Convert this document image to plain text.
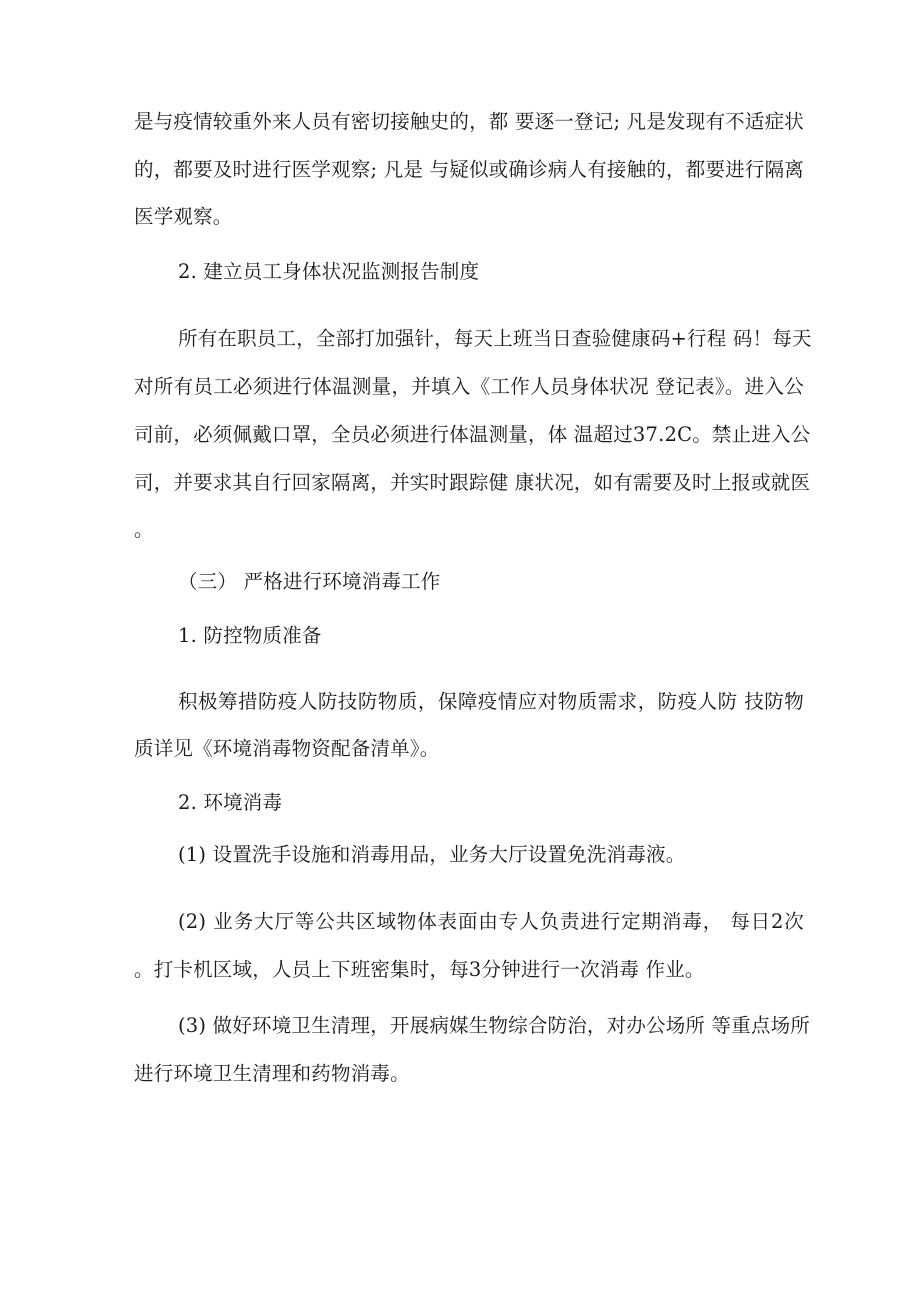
是与疫情较重外来人员有密切接触史的，都 要逐一登记; 凡是发现有不适症状
的，都要及时进行医学观察; 凡是 与疑似或确诊病人有接触的，都要进行隔离
医学观察。
2. 建立员工身体状况监测报告制度
所有在职员工，全部打加强针，每天上班当日查验健康码+行程 码！每天
对所有员工必须进行体温测量，并填入《工作人员身体状况 登记表》。进入公
司前，必须佩戴口罩，全员必须进行体温测量，体 温超过37.2C。禁止进入公
司，并要求其自行回家隔离，并实时跟踪健 康状况，如有需要及时上报或就医
。
（三） 严格进行环境消毒工作
1. 防控物质准备
积极筹措防疫人防技防物质，保障疫情应对物质需求，防疫人防 技防物
质详见《环境消毒物资配备清单》。
2. 环境消毒
(1) 设置洗手设施和消毒用品，业务大厅设置免洗消毒液。
(2) 业务大厅等公共区域物体表面由专人负责进行定期消毒， 每日2次
。打卡机区域，人员上下班密集时，每3分钟进行一次消毒 作业。
(3) 做好环境卫生清理，开展病媒生物综合防治，对办公场所 等重点场所
进行环境卫生清理和药物消毒。
